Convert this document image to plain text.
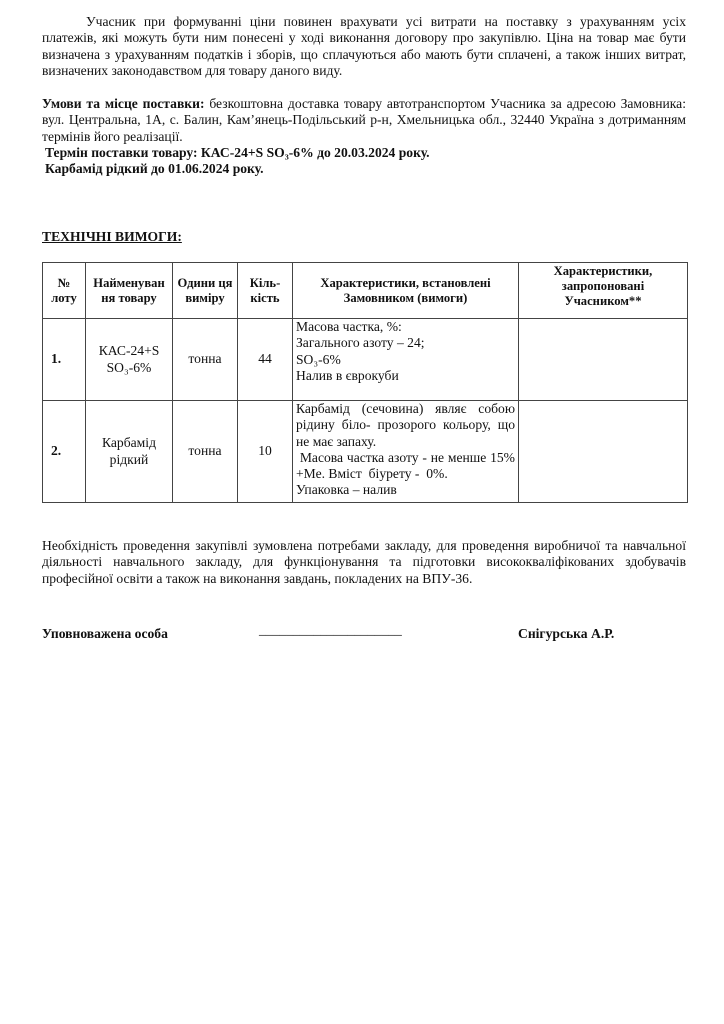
Учасник при формуванні ціни повинен врахувати усі витрати на поставку з урахуванням усіх платежів, які можуть бути ним понесені у ході виконання договору про закупівлю. Ціна на товар має бути визначена з урахуванням податків і зборів, що сплачуються або мають бути сплачені, а також інших витрат, визначених законодавством для товару даного виду.

Умови та місце поставки: безкоштовна доставка товару автотранспортом Учасника за адресою Замовника: вул. Центральна, 1А, с. Балин, Кам’янець-Подільський р-н, Хмельницька обл., 32440 Україна з дотриманням термінів його реалізації.

Термін поставки товару: КАС-24+S SO₃-6% до 20.03.2024 року.

Карбамід рідкий до 01.06.2024 року.

ТЕХНІЧНІ ВИМОГИ:
№ лоту	Найменуван ня товару	Одини ця виміру	Кіль-кість	Характеристики, встановлені Замовником (вимоги)	Характеристики, запропоновані Учасником**
1.	КАС-24+S SO₃-6%	тонна	44	Масова частка, %:
Загального азоту – 24;
SO₃-6%
Налив в єврокуби	

2.	Карбамід рідкий	тонна	10	Карбамід (сечовина) являє собою рідину біло- прозорого кольору, що не має запаху.
Масова частка азоту - не менше 15% +Ме. Вміст  біурету -  0%.
Упаковка – налив	

Необхідність проведення закупівлі зумовлена потребами закладу, для проведення виробничої та навчальної діяльності навчального закладу, для функціонування та підготовки висококваліфікованих здобувачів професійної освіти а також на виконання завдань, покладених на ВПУ-36.

Уповноважена особа	_____________________	Снігурська А.Р.
